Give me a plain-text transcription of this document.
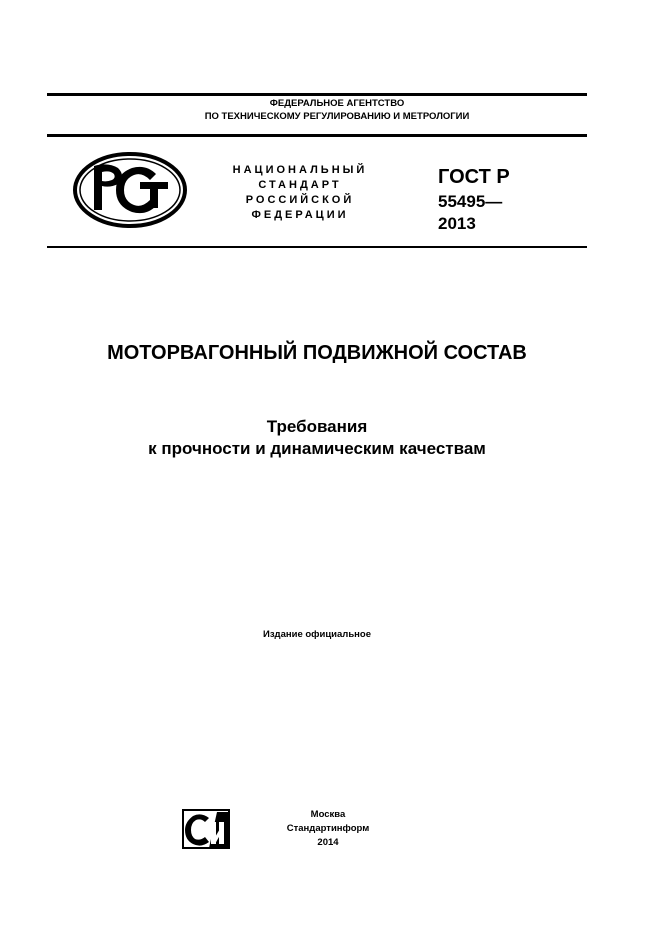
ФЕДЕРАЛЬНОЕ АГЕНТСТВО
ПО ТЕХНИЧЕСКОМУ РЕГУЛИРОВАНИЮ И МЕТРОЛОГИИ
НАЦИОНАЛЬНЫЙ
СТАНДАРТ
РОССИЙСКОЙ
ФЕДЕРАЦИИ
ГОСТ Р
55495—
2013
МОТОРВАГОННЫЙ ПОДВИЖНОЙ СОСТАВ
Требования
к прочности и динамическим качествам
Издание официальное
Москва
Стандартинформ
2014
